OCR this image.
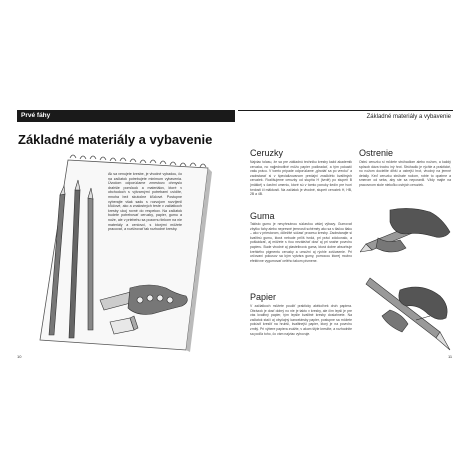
Prvé fáhy	Základné materiály a vybavenie
Základné materiály a vybavenie
Ak sa venujete kresbe, je vhodné vybadou, čo na začiatok potrebujete minimum vybavenia. Úvodom odporúčame zmestovo ohmyslo drahšie pomôcok a materiálov, ktoré v obchodoch s výtvarnými potrebami uvidíte, mnoha bež skutočne kľúčové. Postupne vyberajte však sadu s rozvojom rozvíjenil kľúčové, ako a znalostných teste v začiatkoch kresby ukoj rovné do respekov. Na začiatok budete potrebovať ceruzky, papier, gumu a nože, ale v priebehu sa pozornu tinkom na nie materiály a ceniovci, s ktorými môžete pracovať, a rozšírovať tak rozhodné kresby.
Ceruzky
Najviac tolasu, že sa pre základnú techniku kresby každ akademik ceruzka, no najjednotlivé môžu papier podkradať, a tým pokazič vašu prácu. V tomto prípade odporúčame „glnotáť sa po vrecku" a zaobstarať si v špecializovanom predajni značkiéto kvalitných ceruziek. Rozlišujeme ceruzky od stupňa H (tvrdé) po stupeň B (mäkké) s časťmi umeniu, ktoré sú v tomto ponuky šedín pre tvorí tvrdosti či mäkkosti. Na začiatok je vhodné, stupeň ceruziek H, HB, 2B a 4B.
Guma
Takisto gumu je nevyhnutnou súčasťou vášej výbavy. Gumovať zbytko ťahy alebo nepresné jemnosti schéméy ako sa s tlačou tlaku – ako v priestorom, dôležité súčasť procesu kresby. Zaobstarajte si kvalitnú gumu, ktorá nebude príliš tvrdá, pri práci zdokonalo, a poškádzať, aj môžete s ňou nezáležať dosť aj pri snahe povrchu papieru. Bude vhodné aj plastelinová guma, ktorá dobre absorbuje krehkého pigmentu ceruzky a umožní aj rýchle zošívaenie. Pri určovaní pokusov sa kým vytvára gumy, pomocou ktorej možno efektívne vygumovať celého takom písmene.
Papier
V začiatkoch môžete použiť prakticky akékoľvek druh papiera. Obrázok je dosť dobrý no nie je takto v kresby, ale čím lepší je pre vás kvalitný papier, tým lepšie kvalitné kresby dosiahnete. Na začiatok stačí aj obyčajný kancelársky papier, postupne sa môžete pokúsiť kresliť na hrubší, kvalitnejší papier, ktorý je na povrchu zrnitý. Pri výbere papiera zvážte, v akom štýle kreslíte, a rozhodnite sa podľa toho, čo vám najviac vyhovuje.
Ostrenie
Ostrú ceruzku si môžete strúhadlom alebo nožom, a každý spôsob dáva trochu iný hrot. Strúhadlo je rýchle a praktické, no nožom docielite dlhší a ostrejší hrot, vhodný na jemné detaily. Keď ceruzku strúhate nožom, robte to opatrne a smerom od seba, aby ste sa neporanili. Vždy majte na pracovnom stole niekoľko ostrých ceruziek.
10	11
